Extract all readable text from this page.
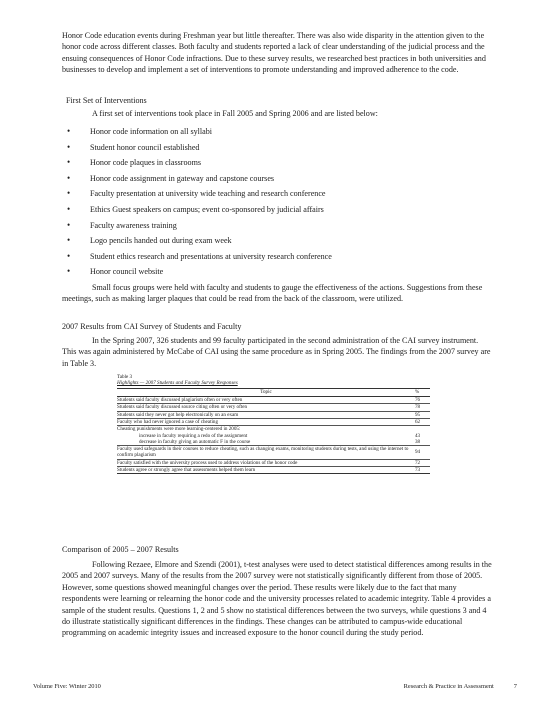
Honor Code education events during Freshman year but little thereafter. There was also wide disparity in the attention given to the honor code across different classes. Both faculty and students reported a lack of clear understanding of the judicial process and the ensuing consequences of Honor Code infractions. Due to these survey results, we researched best practices in both universities and businesses to develop and implement a set of interventions to promote understanding and improved adherence to the code.

First Set of Interventions

A first set of interventions took place in Fall 2005 and Spring 2006 and are listed below:

• Honor code information on all syllabi
• Student honor council established
• Honor code plaques in classrooms
• Honor code assignment in gateway and capstone courses
• Faculty presentation at university wide teaching and research conference
• Ethics Guest speakers on campus; event co-sponsored by judicial affairs
• Faculty awareness training
• Logo pencils handed out during exam week
• Student ethics research and presentations at university research conference
• Honor council website

Small focus groups were held with faculty and students to gauge the effectiveness of the actions. Suggestions from these meetings, such as making larger plaques that could be read from the back of the classroom, were utilized.

2007 Results from CAI Survey of Students and Faculty

In the Spring 2007, 326 students and 99 faculty participated in the second administration of the CAI survey instrument. This was again administered by McCabe of CAI using the same procedure as in Spring 2005. The findings from the 2007 survey are in Table 3.

Table 3
Highlights — 2007 Students and Faculty Survey Responses
Topic	%
Students said faculty discussed plagiarism often or very often	76
Students said faculty discussed source citing often or very often	78
Students said they never got help electronically on an exam	95
Faculty who had never ignored a case of cheating	62
Cheating punishments were more learning-centered in 2005:	
increase in faculty requiring a redo of the assignment	43
decrease in faculty giving an automatic F in the course	38
Faculty used safeguards in their courses to reduce cheating, such as changing exams, monitoring students during tests, and using the internet to confirm plagiarism	94
Faculty satisfied with the university process used to address violations of the honor code	72
Students agree or strongly agree that assessments helped them learn	73

Comparison of 2005 – 2007 Results

Following Rezaee, Elmore and Szendi (2001), t-test analyses were used to detect statistical differences among results in the 2005 and 2007 surveys. Many of the results from the 2007 survey were not statistically significantly different from those of 2005. However, some questions showed meaningful changes over the period. These results were likely due to the fact that many respondents were learning or relearning the honor code and the university processes related to academic integrity. Table 4 provides a sample of the student results. Questions 1, 2 and 5 show no statistical differences between the two surveys, while questions 3 and 4 do illustrate statistically significant differences in the findings. These changes can be attributed to campus-wide educational programming on academic integrity issues and increased exposure to the honor council during the study period.

Volume Five: Winter 2010	Research & Practice in Assessment	7
